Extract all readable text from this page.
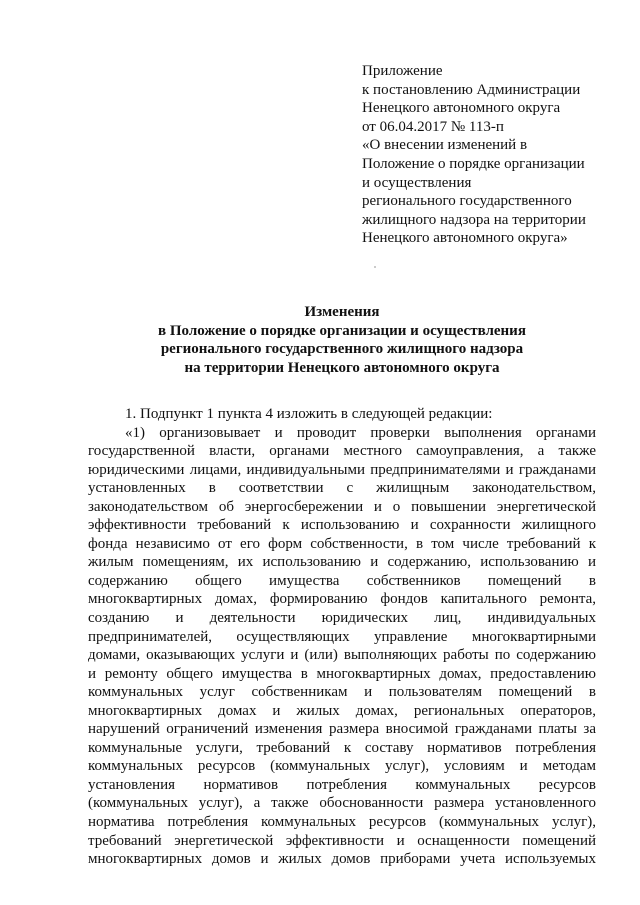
Приложение
к постановлению Администрации
Ненецкого автономного округа
от 06.04.2017 № 113-п
«О внесении изменений в
Положение о порядке организации
и осуществления
регионального государственного
жилищного надзора на территории
Ненецкого автономного округа»
Изменения
в Положение о порядке организации и осуществления
регионального государственного жилищного надзора
на территории Ненецкого автономного округа
1. Подпункт 1 пункта 4 изложить в следующей редакции:
«1) организовывает и проводит проверки выполнения органами
государственной власти, органами местного самоуправления, а также
юридическими лицами, индивидуальными предпринимателями и гражданами
установленных в соответствии с жилищным законодательством,
законодательством об энергосбережении и о повышении энергетической
эффективности требований к использованию и сохранности жилищного
фонда независимо от его форм собственности, в том числе требований к
жилым помещениям, их использованию и содержанию, использованию и
содержанию общего имущества собственников помещений в
многоквартирных домах, формированию фондов капитального ремонта,
созданию и деятельности юридических лиц, индивидуальных
предпринимателей, осуществляющих управление многоквартирными
домами, оказывающих услуги и (или) выполняющих работы по содержанию
и ремонту общего имущества в многоквартирных домах, предоставлению
коммунальных услуг собственникам и пользователям помещений в
многоквартирных домах и жилых домах, региональных операторов,
нарушений ограничений изменения размера вносимой гражданами платы за
коммунальные услуги, требований к составу нормативов потребления
коммунальных ресурсов (коммунальных услуг), условиям и методам
установления нормативов потребления коммунальных ресурсов
(коммунальных услуг), а также обоснованности размера установленного
норматива потребления коммунальных ресурсов (коммунальных услуг),
требований энергетической эффективности и оснащенности помещений
многоквартирных домов и жилых домов приборами учета используемых
